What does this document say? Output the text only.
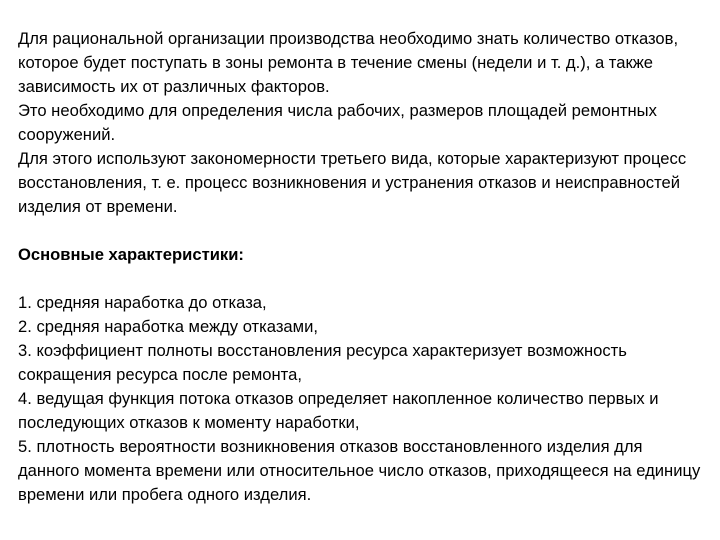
Для рациональной организации производства необходимо знать количество отказов, которое будет поступать в зоны ремонта в течение смены (недели и т. д.), а также зависимость их от различных факторов.

Это необходимо для определения числа рабочих, размеров площадей ремонтных сооружений.

Для этого используют закономерности третьего вида, которые характеризуют процесс восстановления, т. е. процесс возникновения и устранения отказов и неисправностей изделия от времени.

Основные характеристики:

1. средняя наработка до отказа,

2. средняя наработка между отказами,

3. коэффициент полноты восстановления ресурса характеризует возможность сокращения ресурса после ремонта,

4. ведущая функция потока отказов определяет накопленное количество первых и последующих отказов к моменту наработки,

5. плотность вероятности возникновения отказов восстановленного изделия для данного момента времени или относительное число отказов, приходящееся на единицу времени или пробега одного изделия.
